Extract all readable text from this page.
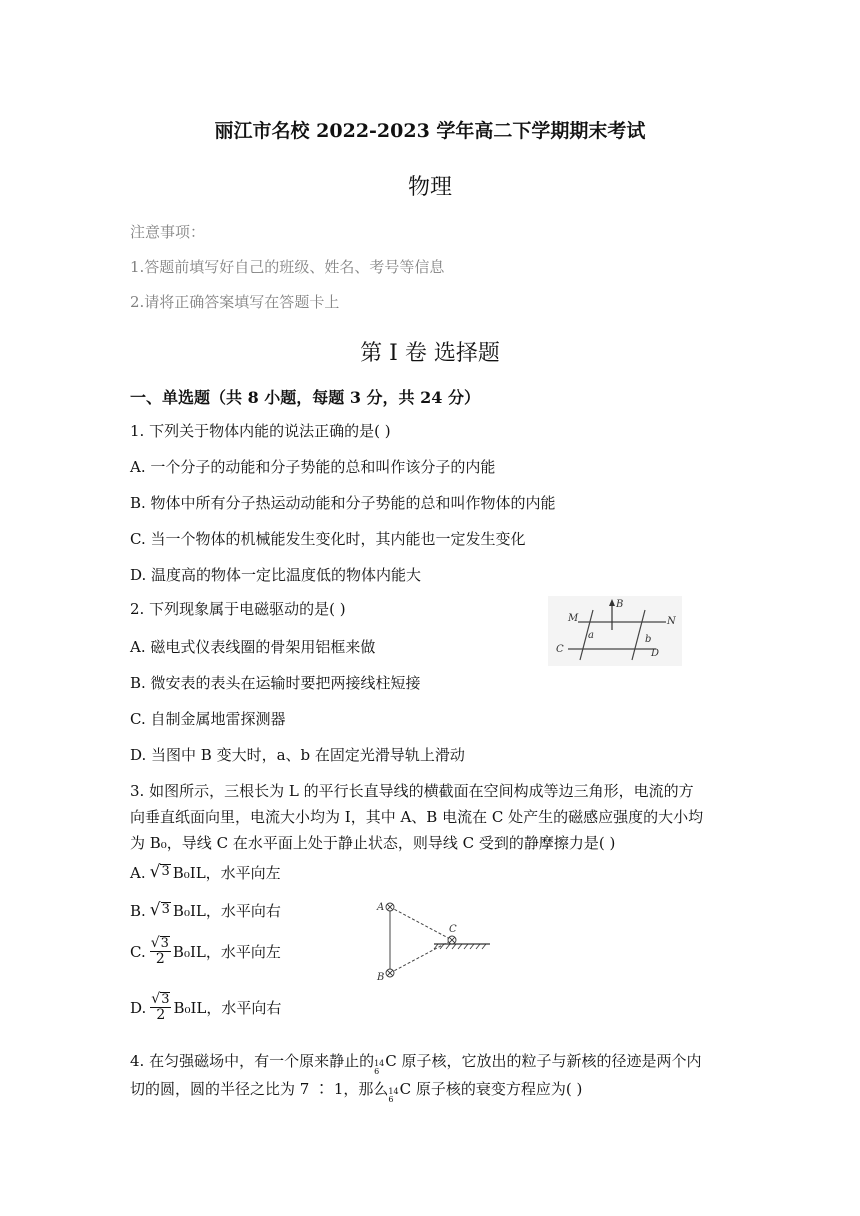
丽江市名校 2022-2023 学年高二下学期期末考试
物理
注意事项：
1.答题前填写好自己的班级、姓名、考号等信息
2.请将正确答案填写在答题卡上
第 I 卷 选择题
一、单选题（共 8 小题，每题 3 分，共 24 分）
1. 下列关于物体内能的说法正确的是( )
A. 一个分子的动能和分子势能的总和叫作该分子的内能
B. 物体中所有分子热运动动能和分子势能的总和叫作物体的内能
C. 当一个物体的机械能发生变化时，其内能也一定发生变化
D. 温度高的物体一定比温度低的物体内能大
2. 下列现象属于电磁驱动的是( )
A. 磁电式仪表线圈的骨架用铝框来做
B. 微安表的表头在运输时要把两接线柱短接
C. 自制金属地雷探测器
D. 当图中 B 变大时，a、b 在固定光滑导轨上滑动
B
M	N
a	b
C	D
3. 如图所示，三根长为 L 的平行长直导线的横截面在空间构成等边三角形，电流的方
向垂直纸面向里，电流大小均为 I，其中 A、B 电流在 C 处产生的磁感应强度的大小均
为 B₀，导线 C 在水平面上处于静止状态，则导线 C 受到的静摩擦力是( )
A. √ 3 B₀IL，水平向左
B. √ 3 B₀IL，水平向右
C. $\frac{√ 3}{2} B_0IL$，水平向左
D. $\frac{√ 3}{2} B_0IL$，水平向右
A
B
C
4. 在匀强磁场中，有一个原来静止的 14
6
C 原子核，它放出的粒子与新核的径迹是两个内
切的圆，圆的半径之比为 7 ∶ 1，那么 14
6
C 原子核的衰变方程应为( )
